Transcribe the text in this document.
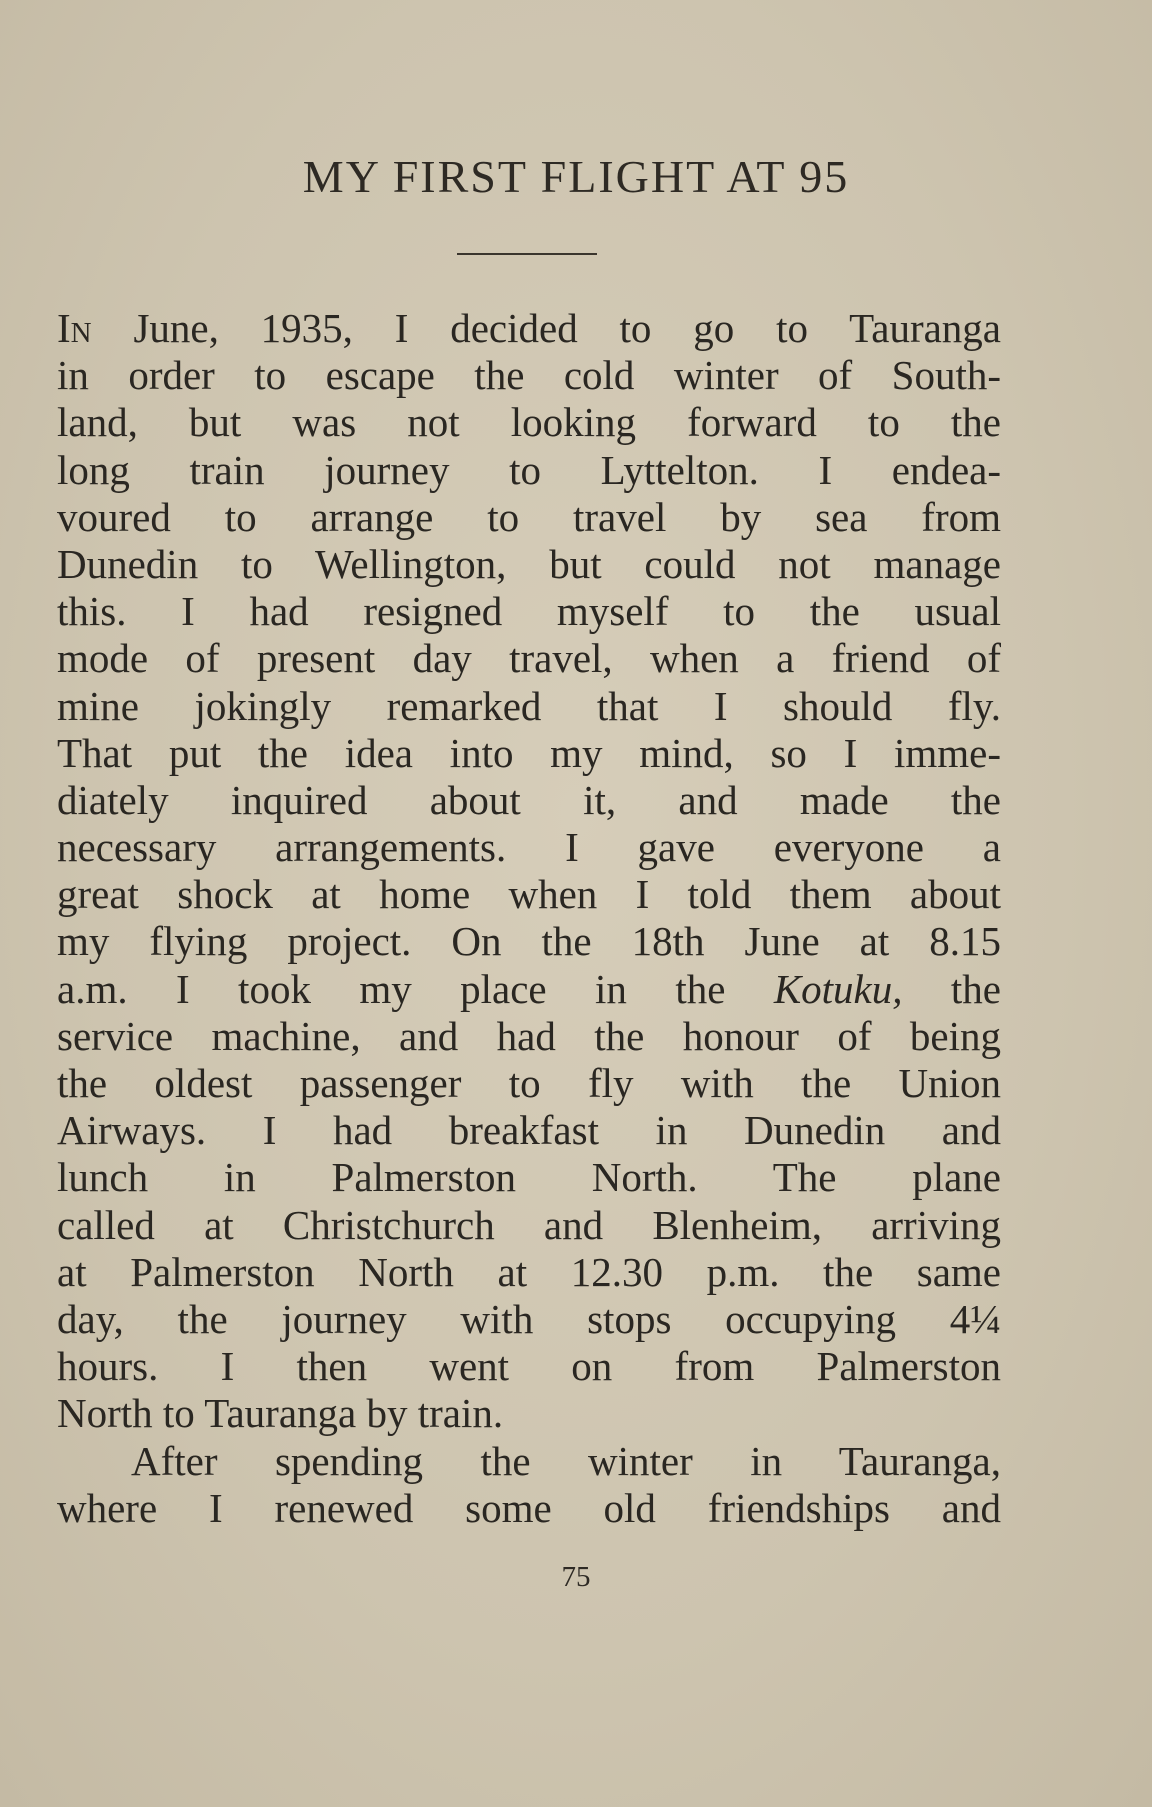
MY FIRST FLIGHT AT 95
In June, 1935, I decided to go to Tauranga
in order to escape the cold winter of South-
land, but was not looking forward to the
long train journey to Lyttelton. I endea-
voured to arrange to travel by sea from
Dunedin to Wellington, but could not manage
this. I had resigned myself to the usual
mode of present day travel, when a friend of
mine jokingly remarked that I should fly.
That put the idea into my mind, so I imme-
diately inquired about it, and made the
necessary arrangements. I gave everyone a
great shock at home when I told them about
my flying project. On the 18th June at 8.15
a.m. I took my place in the Kotuku, the
service machine, and had the honour of being
the oldest passenger to fly with the Union
Airways. I had breakfast in Dunedin and
lunch in Palmerston North. The plane
called at Christchurch and Blenheim, arriving
at Palmerston North at 12.30 p.m. the same
day, the journey with stops occupying 4¼
hours. I then went on from Palmerston
North to Tauranga by train.
After spending the winter in Tauranga,
where I renewed some old friendships and
75
